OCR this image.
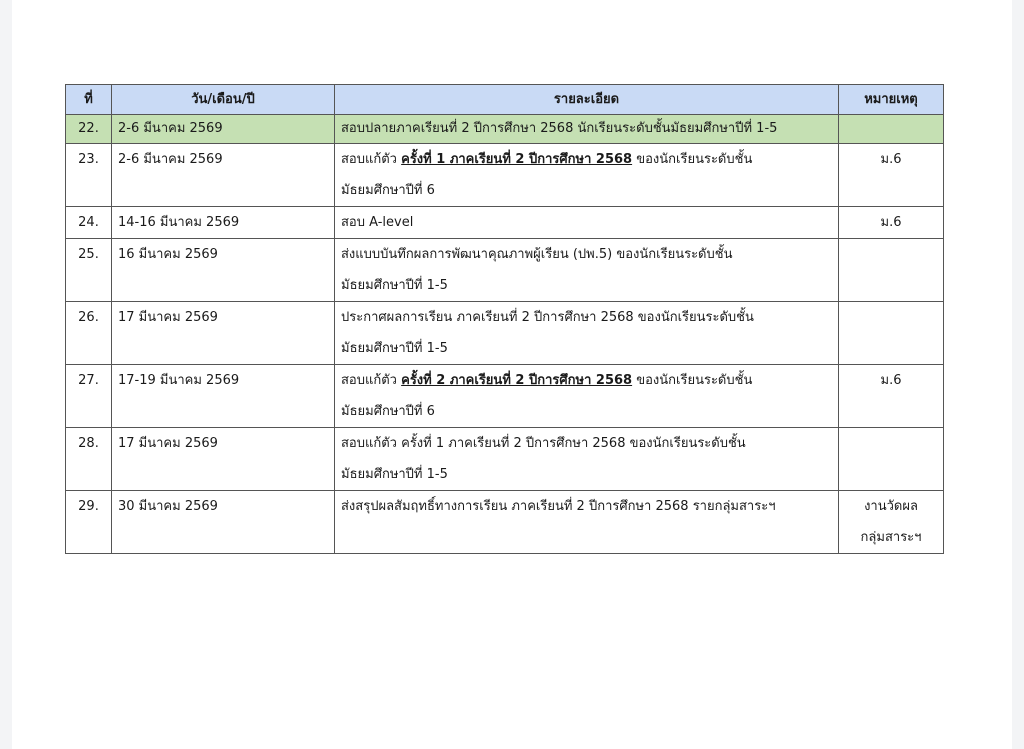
ที่	วัน/เดือน/ปี	รายละเอียด	หมายเหตุ
22.	2-6 มีนาคม 2569	สอบปลายภาคเรียนที่ 2 ปีการศึกษา 2568 นักเรียนระดับชั้นมัธยมศึกษาปีที่ 1-5	
23.	2-6 มีนาคม 2569	สอบแก้ตัว ครั้งที่ 1 ภาคเรียนที่ 2 ปีการศึกษา 2568 ของนักเรียนระดับชั้น
มัธยมศึกษาปีที่ 6	ม.6
24.	14-16 มีนาคม 2569	สอบ A-level	ม.6
25.	16 มีนาคม 2569	ส่งแบบบันทึกผลการพัฒนาคุณภาพผู้เรียน (ปพ.5) ของนักเรียนระดับชั้น
มัธยมศึกษาปีที่ 1-5	

26.	17 มีนาคม 2569	ประกาศผลการเรียน ภาคเรียนที่ 2 ปีการศึกษา 2568 ของนักเรียนระดับชั้น
มัธยมศึกษาปีที่ 1-5	

27.	17-19 มีนาคม 2569	สอบแก้ตัว ครั้งที่ 2 ภาคเรียนที่ 2 ปีการศึกษา 2568 ของนักเรียนระดับชั้น
มัธยมศึกษาปีที่ 6	ม.6
28.	17 มีนาคม 2569	สอบแก้ตัว ครั้งที่ 1 ภาคเรียนที่ 2 ปีการศึกษา 2568 ของนักเรียนระดับชั้น
มัธยมศึกษาปีที่ 1-5	

29.	30 มีนาคม 2569	ส่งสรุปผลสัมฤทธิ์ทางการเรียน ภาคเรียนที่ 2 ปีการศึกษา 2568 รายกลุ่มสาระฯ	งานวัดผล
กลุ่มสาระฯ
